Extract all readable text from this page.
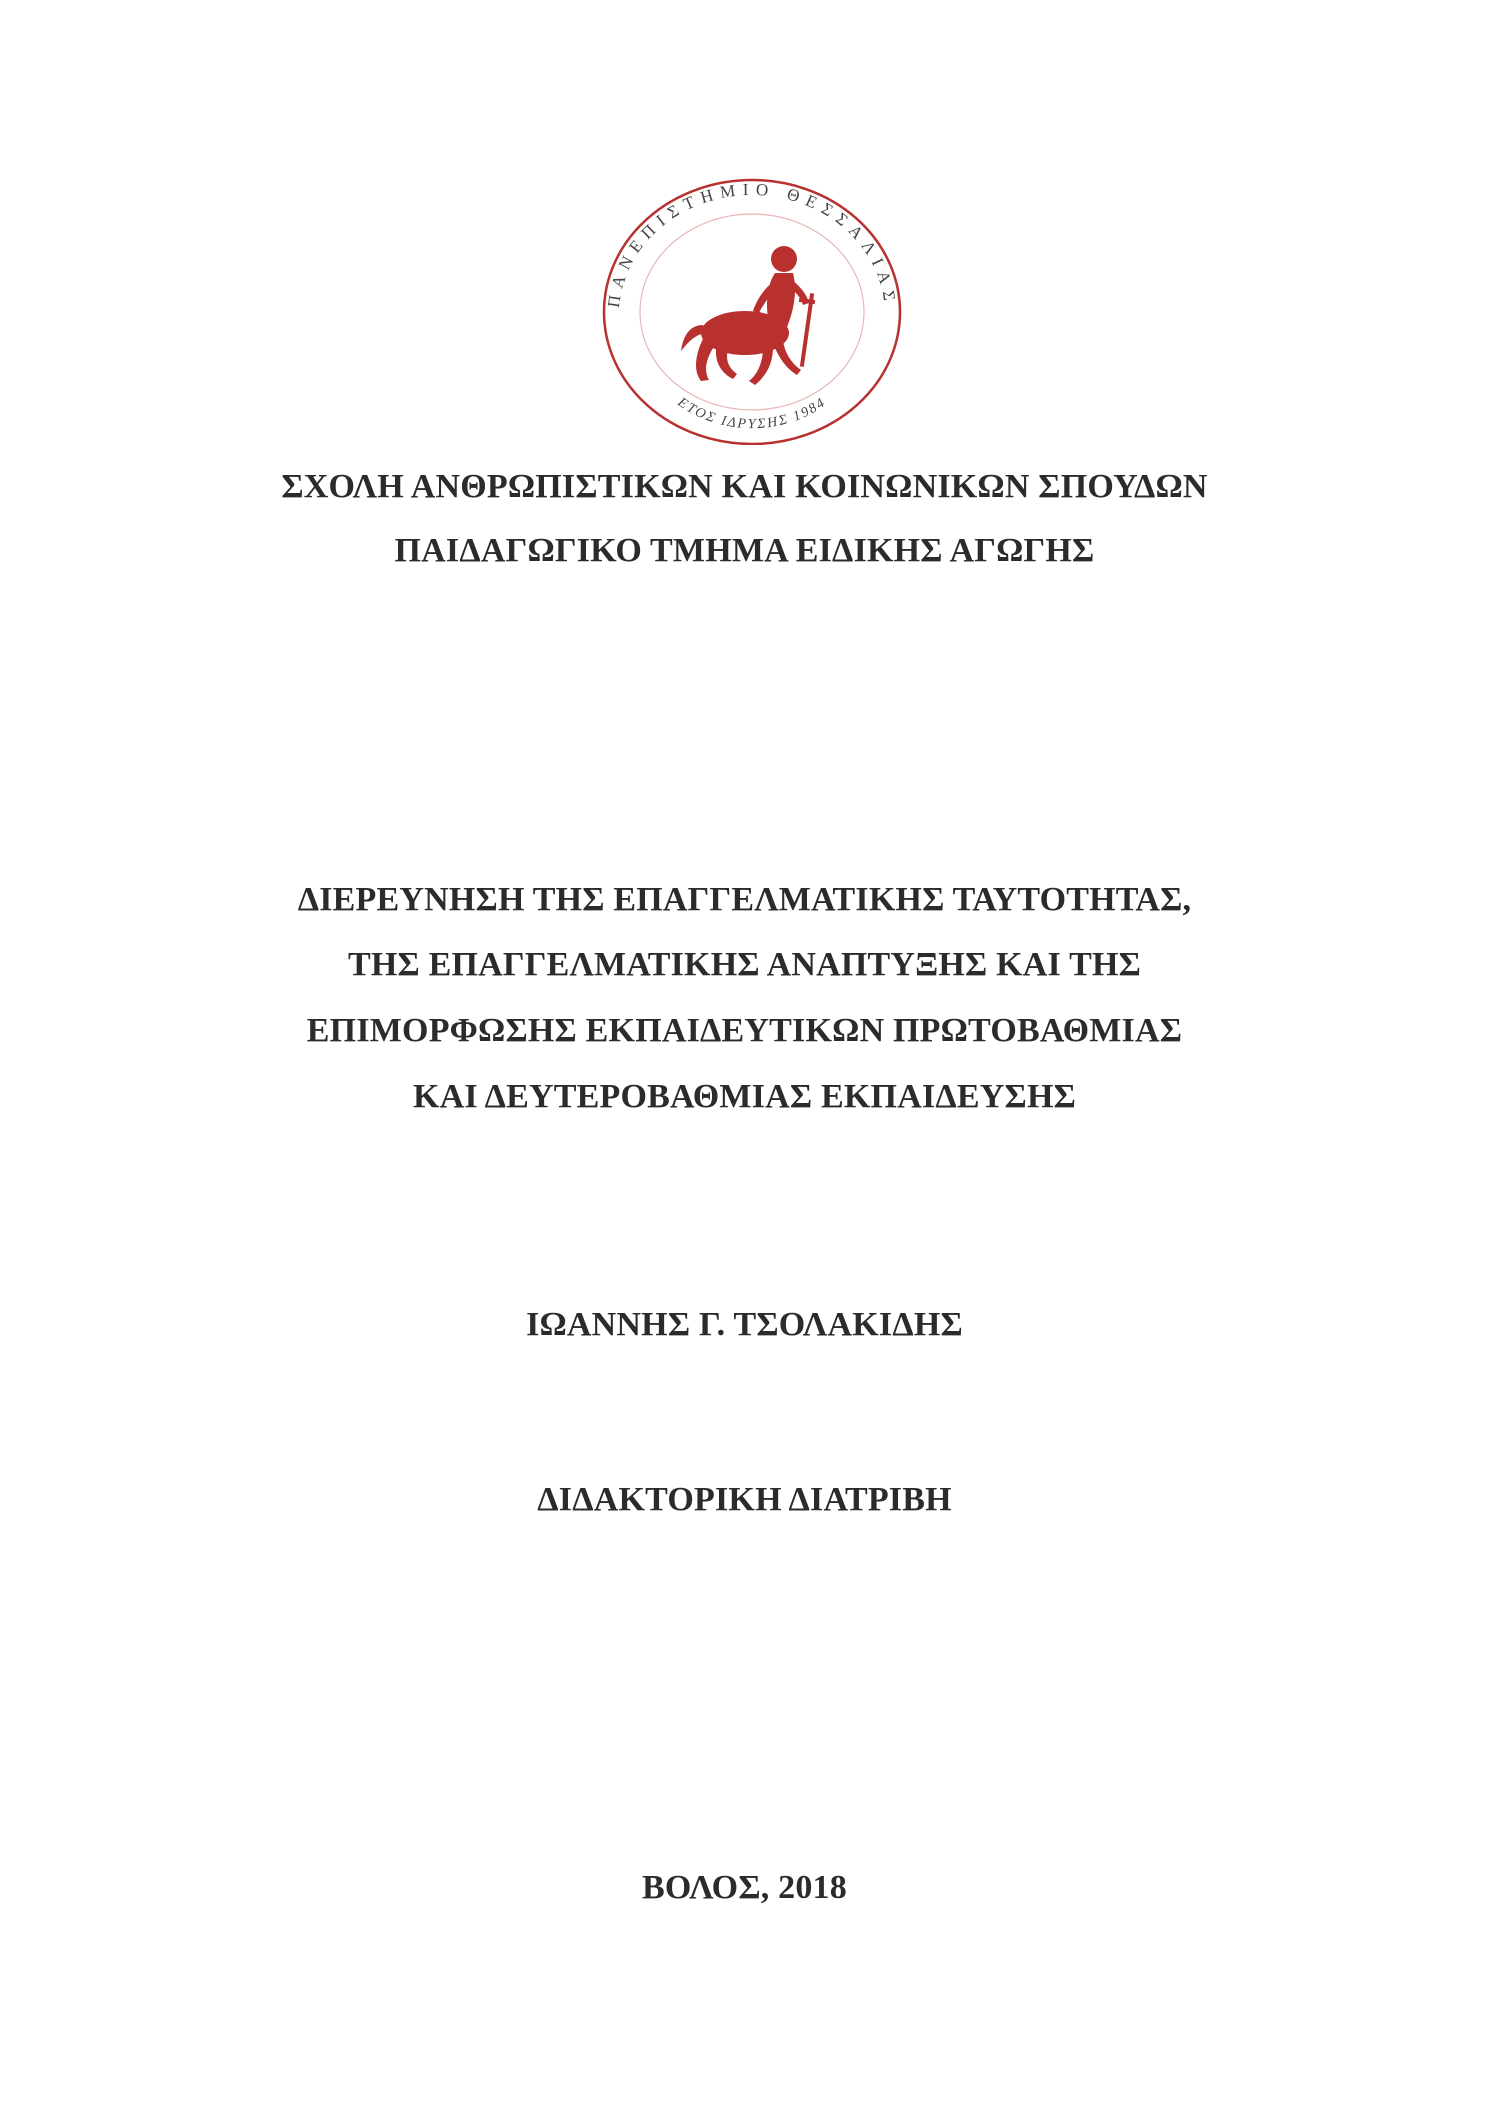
ΠΑΝΕΠΙΣΤΗΜΙΟ ΘΕΣΣΑΛΙΑΣ
ΕΤΟΣ ΙΔΡΥΣΗΣ 1984
ΣΧΟΛΗ ΑΝΘΡΩΠΙΣΤΙΚΩΝ ΚΑΙ ΚΟΙΝΩΝΙΚΩΝ ΣΠΟΥΔΩΝ
ΠΑΙΔΑΓΩΓΙΚΟ ΤΜΗΜΑ ΕΙΔΙΚΗΣ ΑΓΩΓΗΣ
ΔΙΕΡΕΥΝΗΣΗ ΤΗΣ ΕΠΑΓΓΕΛΜΑΤΙΚΗΣ ΤΑΥΤΟΤΗΤΑΣ,
ΤΗΣ ΕΠΑΓΓΕΛΜΑΤΙΚΗΣ ΑΝΑΠΤΥΞΗΣ ΚΑΙ ΤΗΣ
ΕΠΙΜΟΡΦΩΣΗΣ ΕΚΠΑΙΔΕΥΤΙΚΩΝ ΠΡΩΤΟΒΑΘΜΙΑΣ
ΚΑΙ ΔΕΥΤΕΡΟΒΑΘΜΙΑΣ ΕΚΠΑΙΔΕΥΣΗΣ
ΙΩΑΝΝΗΣ Γ. ΤΣΟΛΑΚΙΔΗΣ
ΔΙΔΑΚΤΟΡΙΚΗ ΔΙΑΤΡΙΒΗ
ΒΟΛΟΣ, 2018
